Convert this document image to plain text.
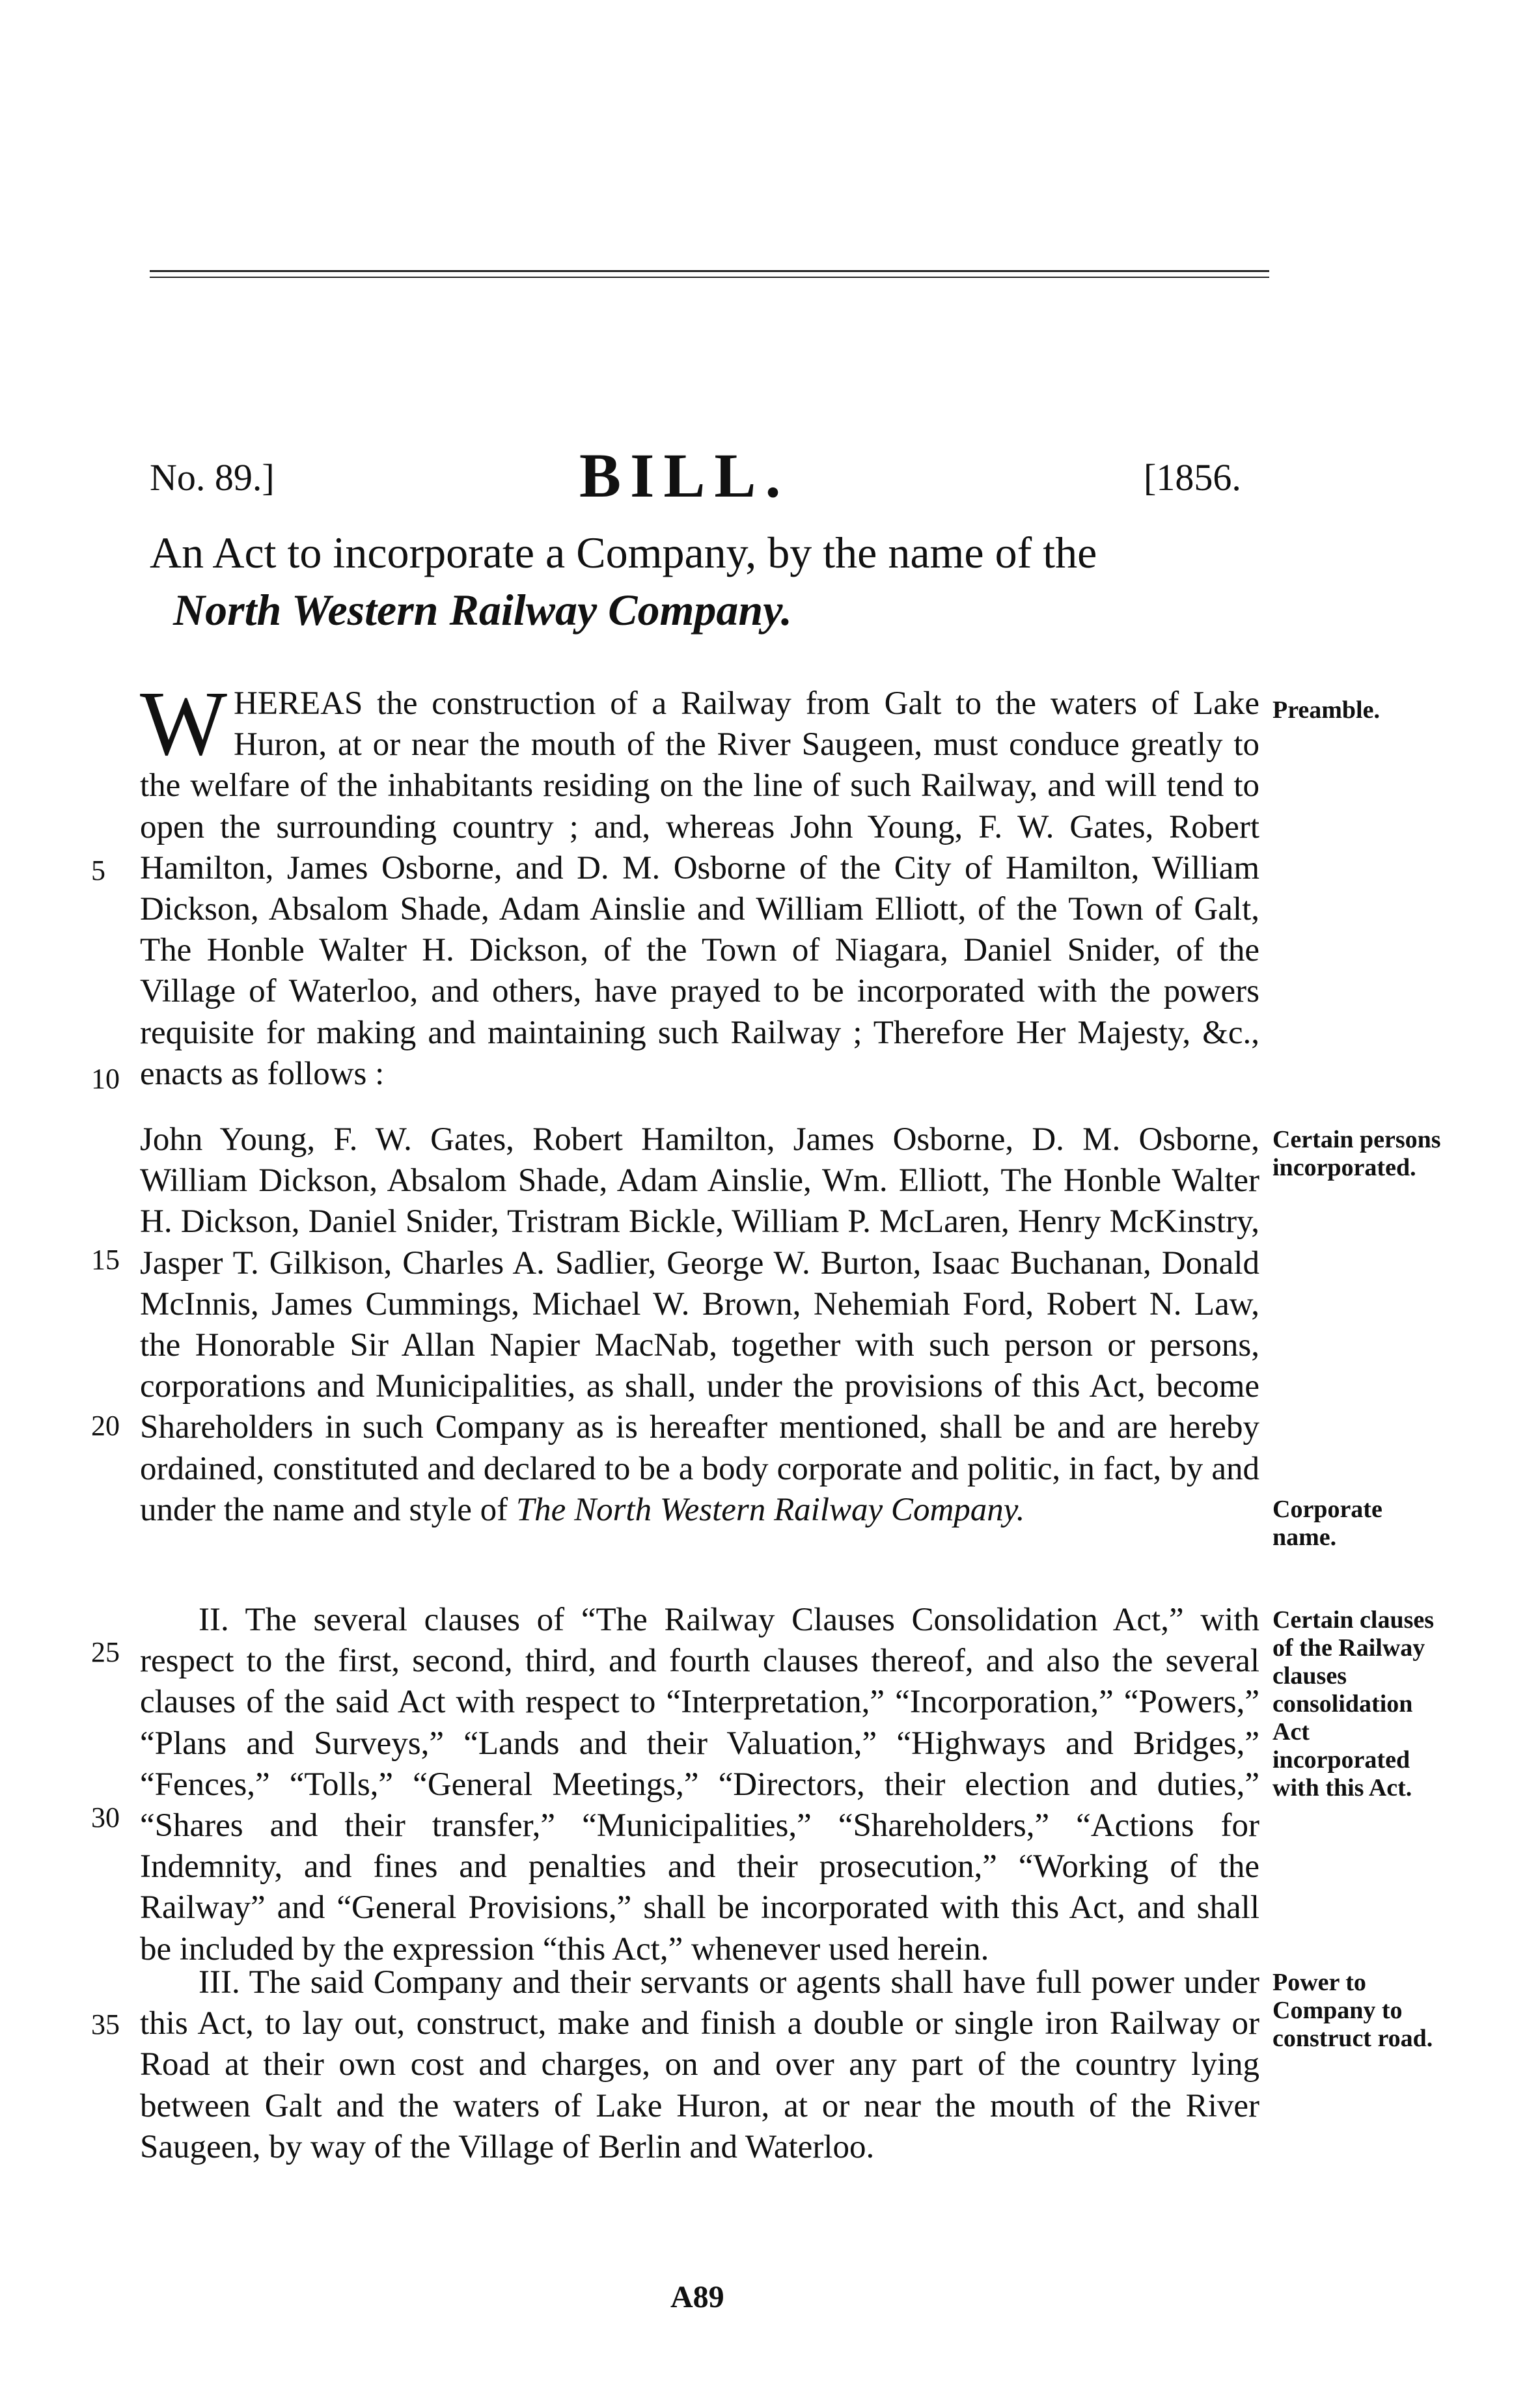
No. 89.]	BILL.	[1856.
An Act to incorporate a Company, by the name of the
North Western Railway Company.

W HEREAS the construction of a Railway from Galt to the waters of Lake Huron, at or near the mouth of the River Saugeen, must conduce greatly to the welfare of the inhabitants residing on the line of such Railway, and will tend to open the surrounding country ; and, whereas John Young, F. W. Gates, Robert Hamilton, James Osborne, and D. M. Osborne of the City of Hamilton, William Dickson, Absalom Shade, Adam Ainslie and William Elliott, of the Town of Galt, The Honble Walter H. Dickson, of the Town of Niagara, Daniel Snider, of the Village of Waterloo, and others, have prayed to be incorporated with the powers requisite for making and maintaining such Railway ; Therefore Her Majesty, &c., enacts as follows :

John Young, F. W. Gates, Robert Hamilton, James Osborne, D. M. Osborne, William Dickson, Absalom Shade, Adam Ainslie, Wm. Elliott, The Honble Walter H. Dickson, Daniel Snider, Tristram Bickle, William P. McLaren, Henry McKinstry, Jasper T. Gilkison, Charles A. Sadlier, George W. Burton, Isaac Buchanan, Donald McInnis, James Cummings, Michael W. Brown, Nehemiah Ford, Robert N. Law, the Honorable Sir Allan Napier MacNab, together with such person or persons, corporations and Municipalities, as shall, under the provisions of this Act, become Shareholders in such Company as is hereafter mentioned, shall be and are hereby ordained, constituted and declared to be a body corporate and politic, in fact, by and under the name and style of The North Western Railway Company.

II. The several clauses of “The Railway Clauses Consolidation Act,” with respect to the first, second, third, and fourth clauses thereof, and also the several clauses of the said Act with respect to “Interpretation,” “Incorporation,” “Powers,” “Plans and Surveys,” “Lands and their Valuation,” “Highways and Bridges,” “Fences,” “Tolls,” “General Meetings,” “Directors, their election and duties,” “Shares and their transfer,” “Municipalities,” “Shareholders,” “Actions for Indemnity, and fines and penalties and their prosecution,” “Working of the Railway” and “General Provisions,” shall be incorporated with this Act, and shall be included by the expression “this Act,” whenever used herein.

III. The said Company and their servants or agents shall have full power under this Act, to lay out, construct, make and finish a double or single iron Railway or Road at their own cost and charges, on and over any part of the country lying between Galt and the waters of Lake Huron, at or near the mouth of the River Saugeen, by way of the Village of Berlin and Waterloo.

5
10
15
20
25
30
35
Preamble.
Certain persons incorporated.
Corporate name.
Certain clauses of the Railway clauses consolidation Act incorporated with this Act.
Power to Company to construct road.
A89
